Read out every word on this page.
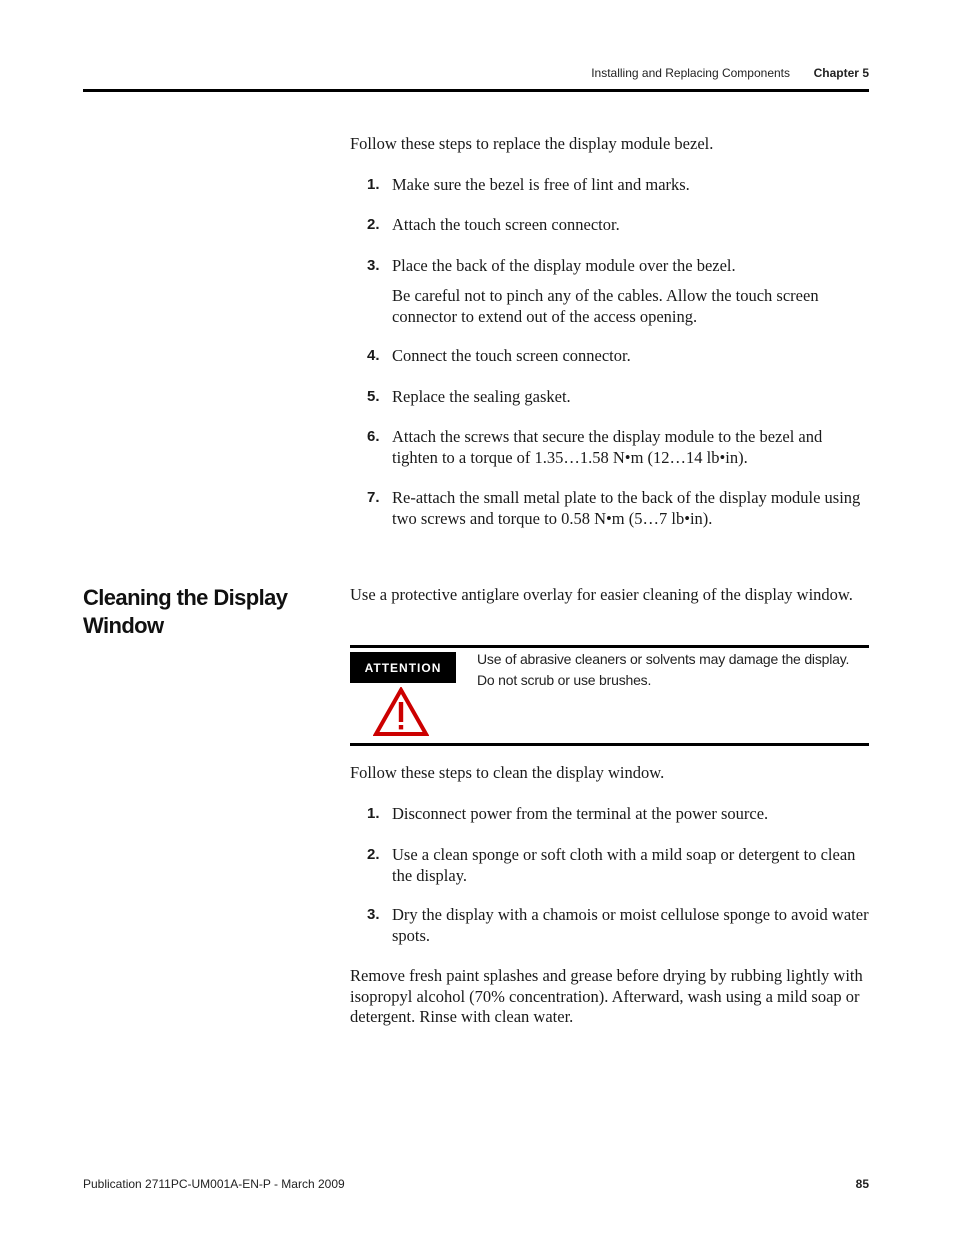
Installing and Replacing Components Chapter 5

Follow these steps to replace the display module bezel.

1. Make sure the bezel is free of lint and marks.
2. Attach the touch screen connector.
3. Place the back of the display module over the bezel.
Be careful not to pinch any of the cables. Allow the touch screen connector to extend out of the access opening.
4. Connect the touch screen connector.
5. Replace the sealing gasket.
6. Attach the screws that secure the display module to the bezel and tighten to a torque of 1.35…1.58 N•m (12…14 lb•in).
7. Re-attach the small metal plate to the back of the display module using two screws and torque to 0.58 N•m (5…7 lb•in).
Cleaning the Display Window

Use a protective antiglare overlay for easier cleaning of the display window.

ATTENTION
Use of abrasive cleaners or solvents may damage the display. Do not scrub or use brushes.

Follow these steps to clean the display window.

1. Disconnect power from the terminal at the power source.
2. Use a clean sponge or soft cloth with a mild soap or detergent to clean the display.
3. Dry the display with a chamois or moist cellulose sponge to avoid water spots.

Remove fresh paint splashes and grease before drying by rubbing lightly with isopropyl alcohol (70% concentration). Afterward, wash using a mild soap or detergent. Rinse with clean water.

Publication 2711PC-UM001A-EN-P - March 2009	85
